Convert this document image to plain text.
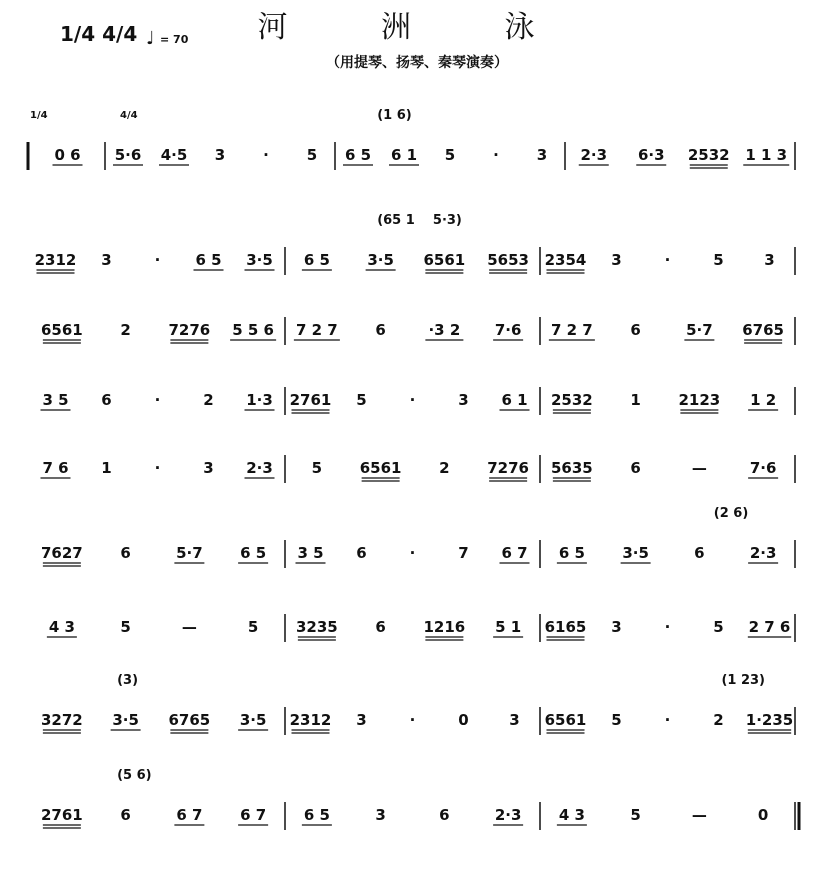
河 洲 泳
（用提琴、扬琴、秦琴演奏）
1/4 4/4 ♩ = 70
1/4	4/4
0 6 5·6 4·5 3	·	5 6 5 6 1 5	·	3 2·3 6·3 2532 1 1 3
2312 3	· 6 5 3·5 6 5 3·5 6561 5653 2354 3	·	5	3
6561	2	7276 5 5 6 7 2 7	6	·3 2 7·6 7 2 7	6	5·7 6765
3 5 6	·	2 1·3 2761 5	·	3 6 1 2532	1	2123 1 2
7 6 1	·	3 2·3	5	6561	2	7276 5635	6	—	7·6
7627	6	5·7 6 5 3 5 6	·	7 6 7 6 5 3·5	6	2·3
4 3	5	—	5	3235	6	1216 5 1 6165 3	·	5 2 7 6
3272 3·5 6765 3·5 2312 3	·	0	3 6561 5	·	2 1·235
2761	6	6 7	6 7	6 5	3	6	2·3 4 3	5	—	0
(1 6)
(65 1    5·3)
(2 6)
(3)	(1 23)
(5 6)
